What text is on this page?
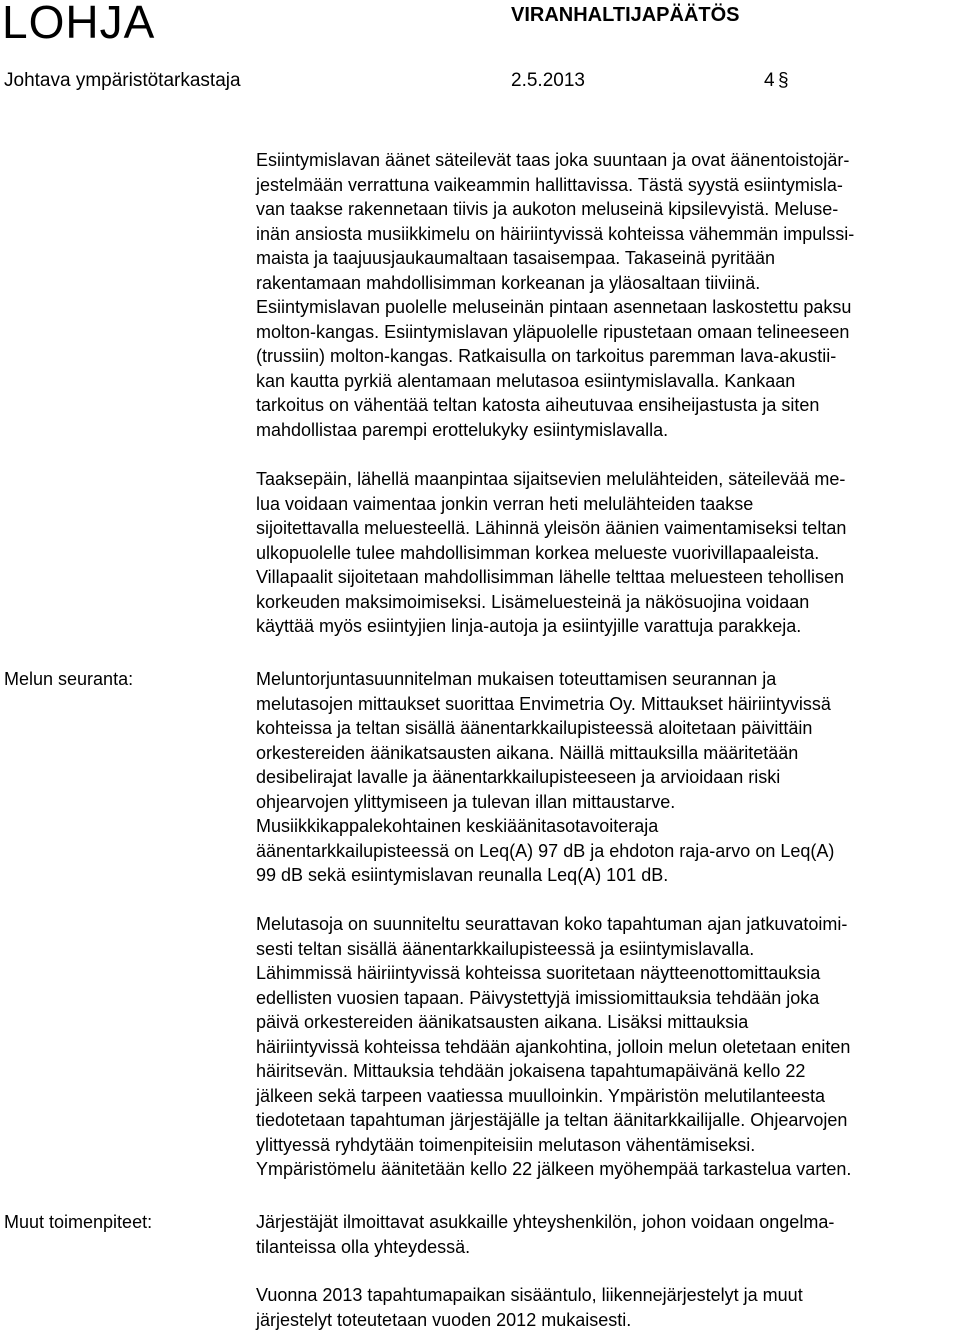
LOHJA	VIRANHALTIJAPÄÄTÖS
Johtava ympäristötarkastaja	2.5.2013	4 §

Esiintymislavan äänet säteilevät taas joka suuntaan ja ovat äänentoistojär-
jestelmään verrattuna vaikeammin hallittavissa. Tästä syystä esiintymisla-
van taakse rakennetaan tiivis ja aukoton meluseinä kipsilevyistä. Meluse-
inän ansiosta musiikkimelu on häiriintyvissä kohteissa vähemmän impulssi-
maista ja taajuusjaukaumaltaan tasaisempaa. Takaseinä pyritään
rakentamaan mahdollisimman korkeanan ja yläosaltaan tiiviinä.
Esiintymislavan puolelle meluseinän pintaan asennetaan laskostettu paksu
molton-kangas. Esiintymislavan yläpuolelle ripustetaan omaan telineeseen
(trussiin) molton-kangas. Ratkaisulla on tarkoitus paremman lava-akustii-
kan kautta pyrkiä alentamaan melutasoa esiintymislavalla. Kankaan
tarkoitus on vähentää teltan katosta aiheutuvaa ensiheijastusta ja siten
mahdollistaa parempi erottelukyky esiintymislavalla.

Taaksepäin, lähellä maanpintaa sijaitsevien melulähteiden, säteilevää me-
lua voidaan vaimentaa jonkin verran heti melulähteiden taakse
sijoitettavalla meluesteellä. Lähinnä yleisön äänien vaimentamiseksi teltan
ulkopuolelle tulee mahdollisimman korkea melueste vuorivillapaaleista.
Villapaalit sijoitetaan mahdollisimman lähelle telttaa meluesteen tehollisen
korkeuden maksimoimiseksi. Lisämeluesteinä ja näkösuojina voidaan
käyttää myös esiintyjien linja-autoja ja esiintyjille varattuja parakkeja.

Melun seuranta:	Meluntorjuntasuunnitelman mukaisen toteuttamisen seurannan ja
melutasojen mittaukset suorittaa Envimetria Oy. Mittaukset häiriintyvissä
kohteissa ja teltan sisällä äänentarkkailupisteessä aloitetaan päivittäin
orkestereiden äänikatsausten aikana. Näillä mittauksilla määritetään
desibelirajat lavalle ja äänentarkkailupisteeseen ja arvioidaan riski
ohjearvojen ylittymiseen ja tulevan illan mittaustarve.
Musiikkikappalekohtainen keskiäänitasotavoiteraja
äänentarkkailupisteessä on Leq(A) 97 dB ja ehdoton raja-arvo on Leq(A)
99 dB sekä esiintymislavan reunalla Leq(A) 101 dB.

Melutasoja on suunniteltu seurattavan koko tapahtuman ajan jatkuvatoimi-
sesti teltan sisällä äänentarkkailupisteessä ja esiintymislavalla.
Lähimmissä häiriintyvissä kohteissa suoritetaan näytteenottomittauksia
edellisten vuosien tapaan. Päivystettyjä imissiomittauksia tehdään joka
päivä orkestereiden äänikatsausten aikana. Lisäksi mittauksia
häiriintyvissä kohteissa tehdään ajankohtina, jolloin melun oletetaan eniten
häiritsevän. Mittauksia tehdään jokaisena tapahtumapäivänä kello 22
jälkeen sekä tarpeen vaatiessa muulloinkin. Ympäristön melutilanteesta
tiedotetaan tapahtuman järjestäjälle ja teltan äänitarkkailijalle. Ohjearvojen
ylittyessä ryhdytään toimenpiteisiin melutason vähentämiseksi.
Ympäristömelu äänitetään kello 22 jälkeen myöhempää tarkastelua varten.

Muut toimenpiteet:	Järjestäjät ilmoittavat asukkaille yhteyshenkilön, johon voidaan ongelma-
tilanteissa olla yhteydessä.

Vuonna 2013 tapahtumapaikan sisääntulo, liikennejärjestelyt ja muut
järjestelyt toteutetaan vuoden 2012 mukaisesti.
